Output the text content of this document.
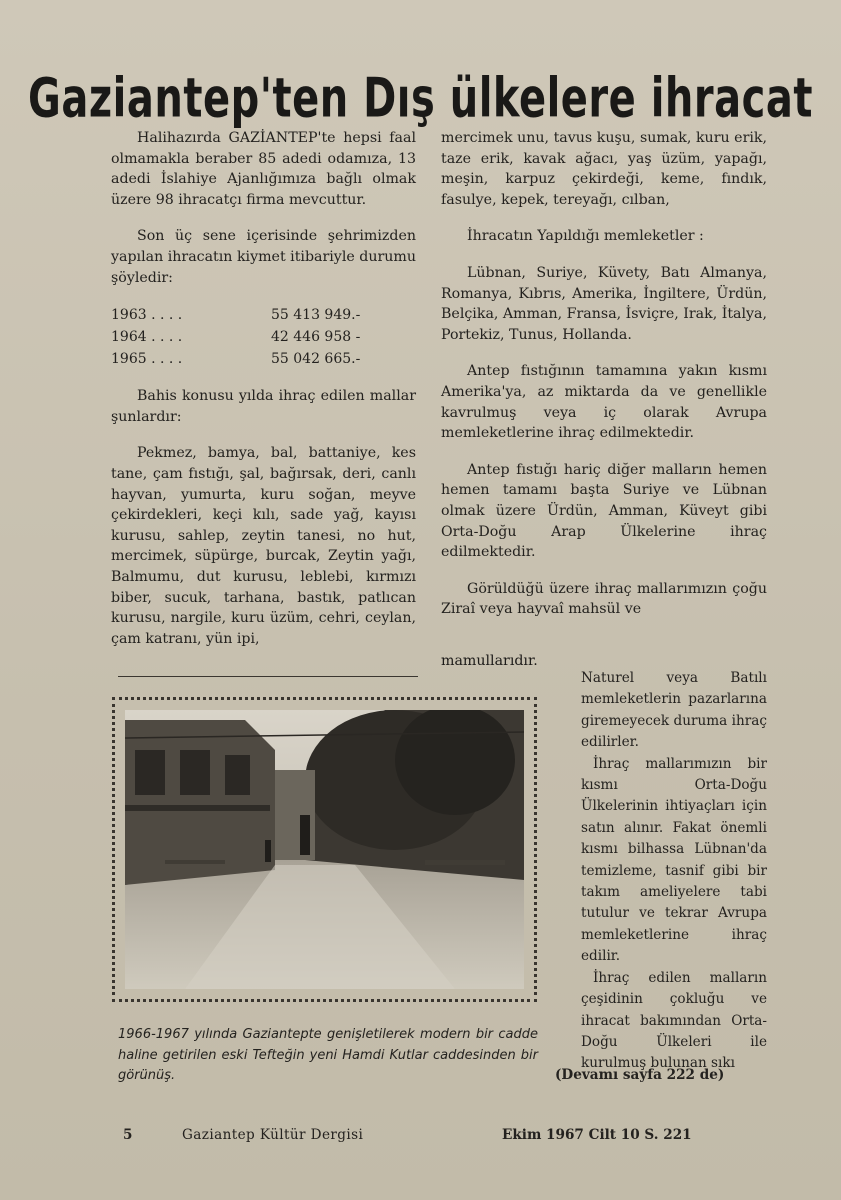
Gaziantep'ten Dış ülkelere ihracat

Halihazırda GAZİANTEP'te hepsi faal olmamakla beraber 85 adedi odamıza, 13 adedi İslahiye Ajanlığımıza bağlı olmak üzere 98 ihracatçı firma mevcuttur.

Son üç sene içerisinde şehrimizden yapılan ihracatın kiymet itibariyle durumu şöyledir:

1963 . . . .	55 413 949.-
1964 . . . .	42 446 958 -
1965 . . . .	55 042 665.-

Bahis konusu yılda ihraç edilen mallar şunlardır:

Pekmez, bamya, bal, battaniye, kes tane, çam fıstığı, şal, bağırsak, deri, canlı hayvan, yumurta, kuru soğan, meyve çekirdekleri, keçi kılı, sade yağ, kayısı kurusu, sahlep, zeytin tanesi, no hut, mercimek, süpürge, burcak, Zeytin yağı, Balmumu, dut kurusu, leblebi, kırmızı biber, sucuk, tarhana, bastık, patlıcan kurusu, nargile, kuru üzüm, cehri, ceylan, çam katranı, yün ipi,

mercimek unu, tavus kuşu, sumak, kuru erik, taze erik, kavak ağacı, yaş üzüm, yapağı, meşin, karpuz çekirdeği, keme, fındık, fasulye, kepek, tereyağı, cılban,

İhracatın Yapıldığı memleketler :

Lübnan, Suriye, Küvety, Batı Almanya, Romanya, Kıbrıs, Amerika, İngiltere, Ürdün, Belçika, Amman, Fransa, İsviçre, Irak, İtalya, Portekiz, Tunus, Hollanda.

Antep fıstığının tamamına yakın kısmı Amerika'ya, az miktarda da ve genellikle kavrulmuş veya iç olarak Avrupa memleketlerine ihraç edilmektedir.

Antep fıstığı hariç diğer malların hemen hemen tamamı başta Suriye ve Lübnan olmak üzere Ürdün, Amman, Küveyt gibi Orta-Doğu Arap Ülkelerine ihraç edilmektedir.

Görüldüğü üzere ihraç mallarımızın çoğu Ziraî veya hayvaî mahsül ve

mamullarıdır.

Naturel veya Batılı memleketlerin pazarlarına giremeyecek duruma ihraç edilirler.

İhraç mallarımızın bir kısmı Orta-Doğu Ülkelerinin ihtiyaçları için satın alınır. Fakat önemli kısmı bilhassa Lübnan'da temizleme, tasnif gibi bir takım ameliyelere tabi tutulur ve tekrar Avrupa memleketlerine ihraç edilir.

İhraç edilen malların çeşidinin çokluğu ve ihracat bakımından Orta-Doğu Ülkeleri ile kurulmuş bulunan sıkı

1966-1967 yılında Gaziantepte genişletilerek modern bir cadde haline getirilen eski Tefteğin yeni Hamdi Kutlar caddesinden bir görünüş.	(Devamı sayfa 222 de)
5	Gaziantep Kültür Dergisi	Ekim 1967 Cilt 10 S. 221
